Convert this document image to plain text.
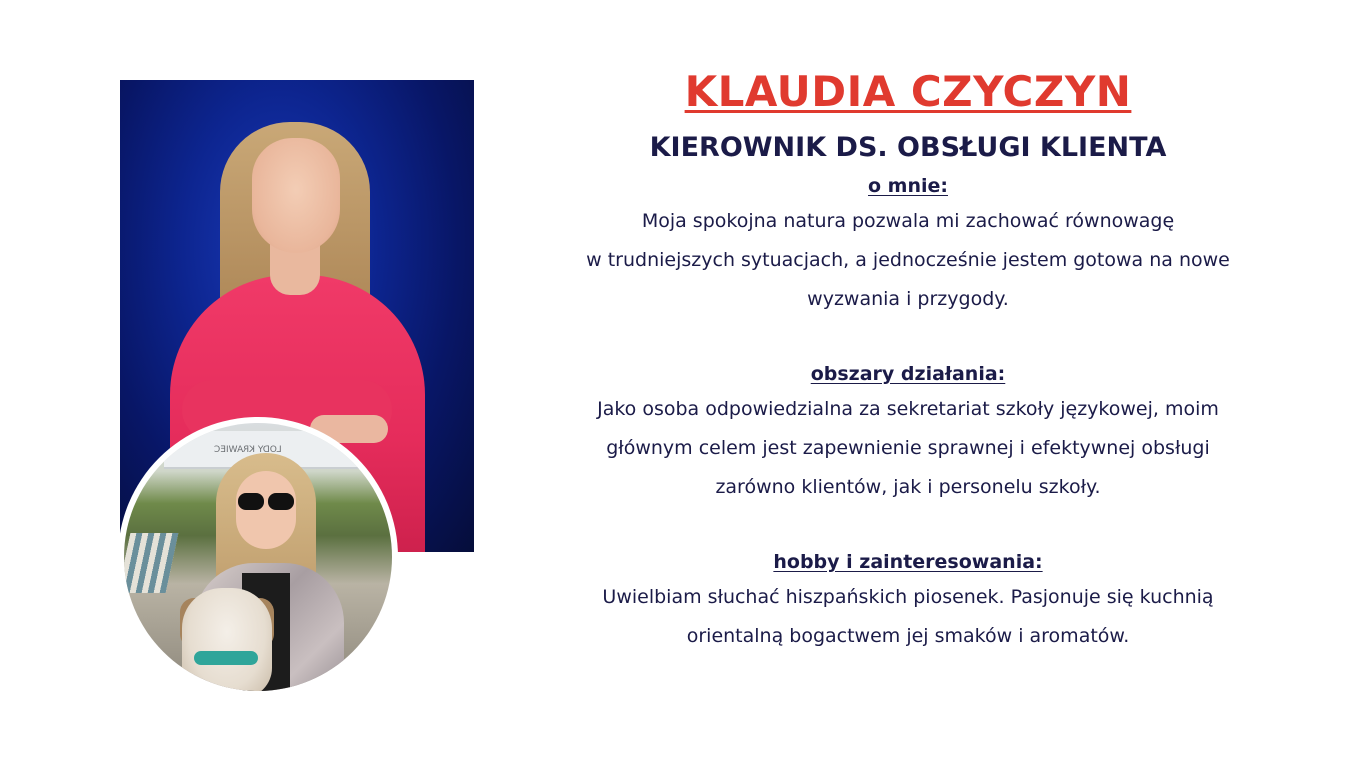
LODY KRAWIEC
KLAUDIA CZYCZYN
KIEROWNIK DS. OBSŁUGI KLIENTA
o mnie:

Moja spokojna natura pozwala mi zachować równowagę

w trudniejszych sytuacjach, a jednocześnie jestem gotowa na nowe

wyzwania i przygody.

obszary działania:

Jako osoba odpowiedzialna za sekretariat szkoły językowej, moim

głównym celem jest zapewnienie sprawnej i efektywnej obsługi

zarówno klientów, jak i personelu szkoły.

hobby i zainteresowania:

Uwielbiam słuchać hiszpańskich piosenek. Pasjonuje się kuchnią

orientalną bogactwem jej smaków i aromatów.
